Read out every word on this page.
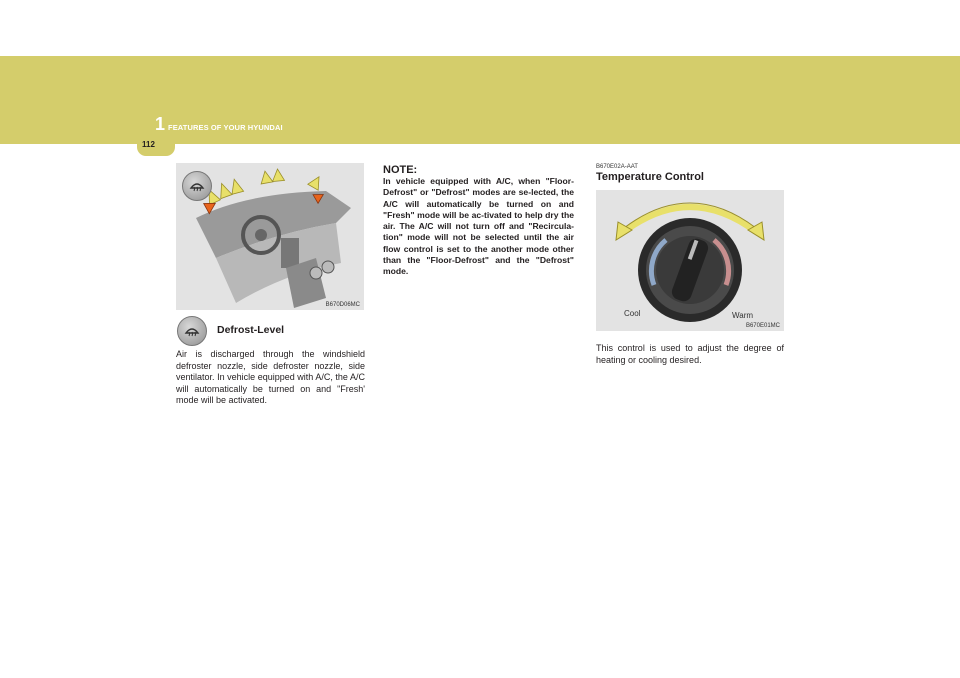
1 FEATURES OF YOUR HYUNDAI
112
B670D06MC
Defrost-Level
Air is discharged through the windshield defroster nozzle, side defroster nozzle, side ventilator. In vehicle equipped with A/C, the A/C will automatically be turned on and "Fresh' mode will be activated.
NOTE:
In vehicle equipped with A/C, when "Floor-Defrost" or "Defrost" modes are se-lected, the A/C will automatically be turned on and "Fresh" mode will be ac-tivated to help dry the air. The A/C will not turn off and "Recircula-tion" mode will not be selected until the air flow control is set to the another mode other than the "Floor-Defrost" and the "Defrost" mode.
B670E02A-AAT
Temperature Control
Cool	Warm
B670E01MC
This control is used to adjust the degree of heating or cooling desired.
